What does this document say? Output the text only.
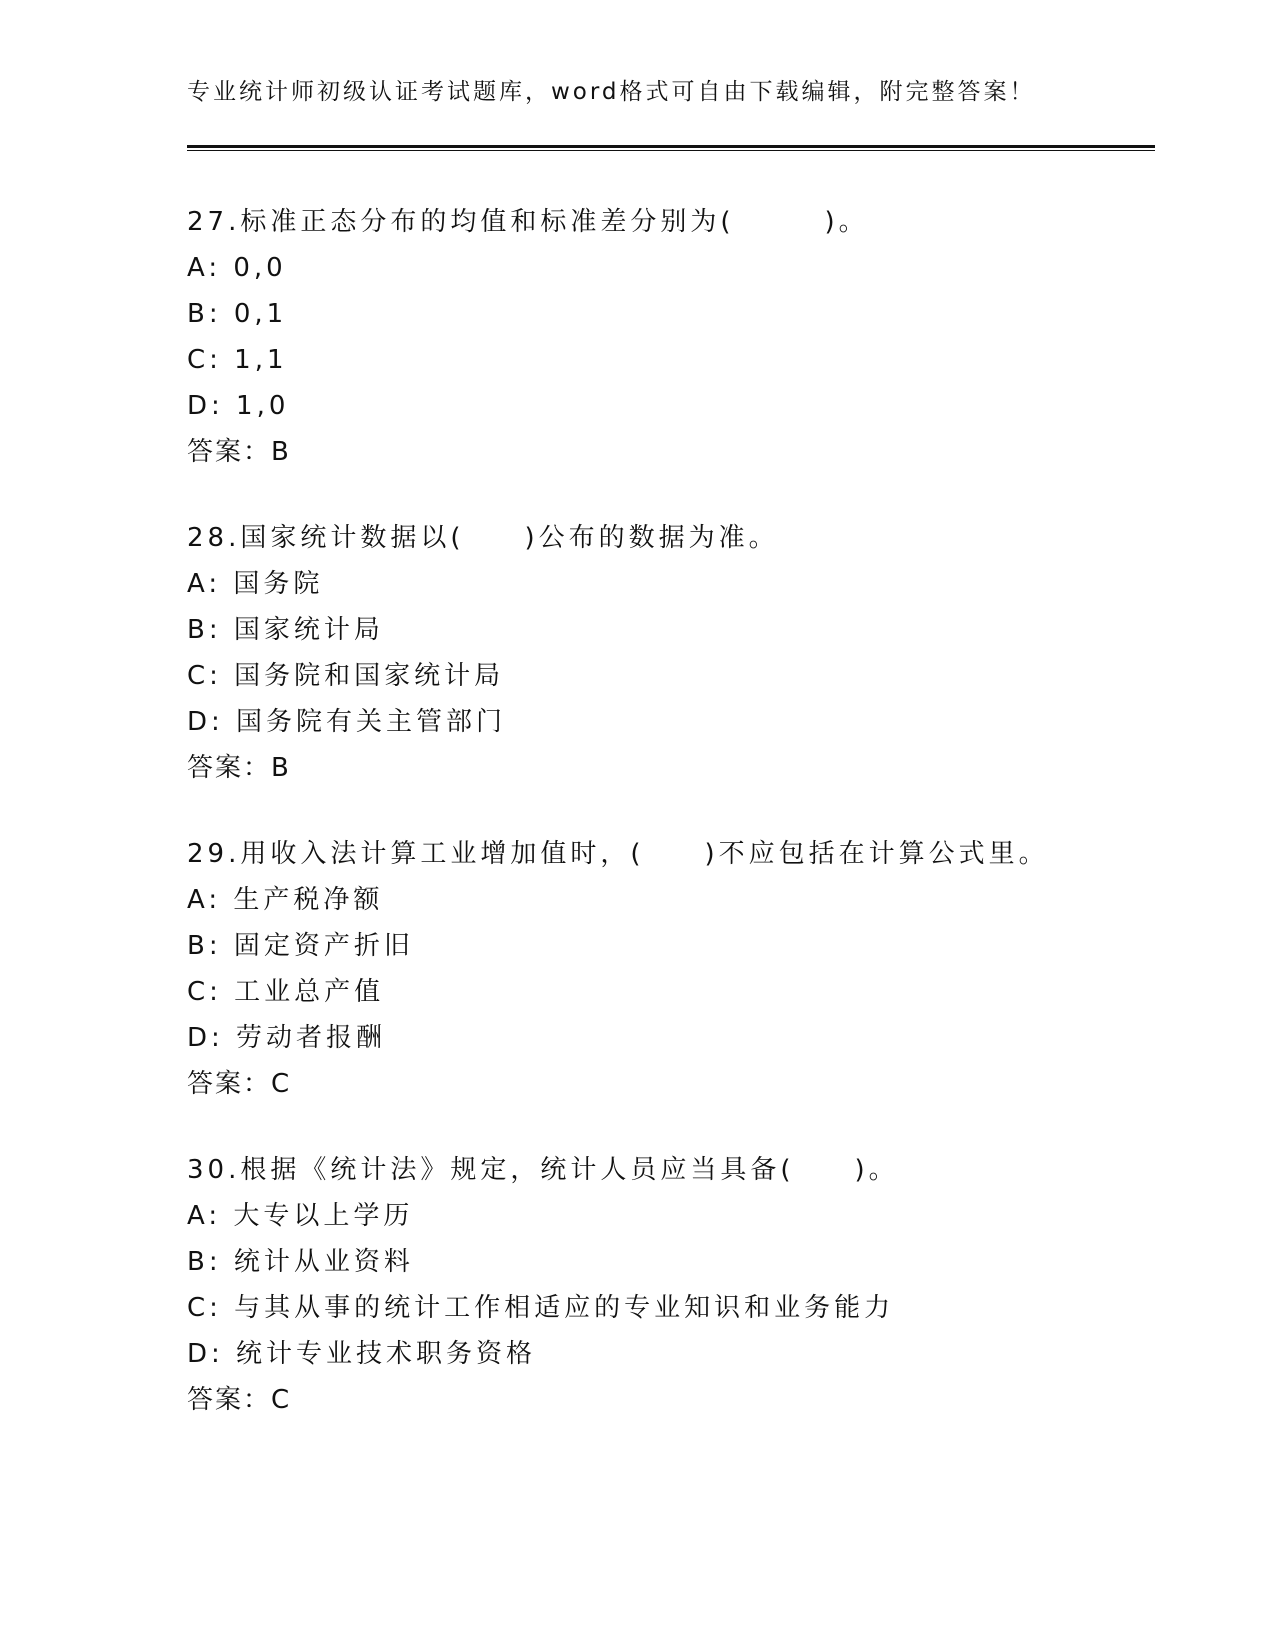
专业统计师初级认证考试题库，word格式可自由下载编辑，附完整答案！
27.标准正态分布的均值和标准差分别为(　　　)。
A: 0,0
B: 0,1
C: 1,1
D: 1,0
答案：B
28.国家统计数据以(　　)公布的数据为准。
A: 国务院
B: 国家统计局
C: 国务院和国家统计局
D: 国务院有关主管部门
答案：B
29.用收入法计算工业增加值时，(　　)不应包括在计算公式里。
A: 生产税净额
B: 固定资产折旧
C: 工业总产值
D: 劳动者报酬
答案：C
30.根据《统计法》规定，统计人员应当具备(　　)。
A: 大专以上学历
B: 统计从业资料
C: 与其从事的统计工作相适应的专业知识和业务能力
D: 统计专业技术职务资格
答案：C
